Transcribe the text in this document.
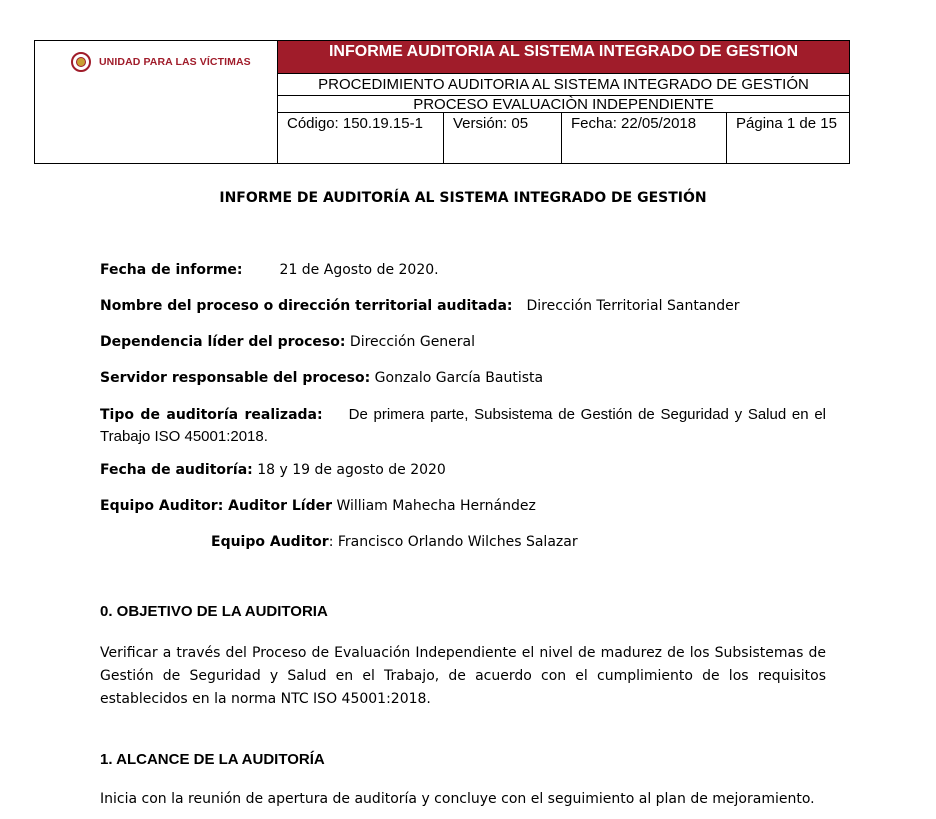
UNIDAD PARA LAS VÍCTIMAS
INFORME AUDITORIA AL SISTEMA INTEGRADO DE GESTION
PROCEDIMIENTO AUDITORIA AL SISTEMA INTEGRADO DE GESTIÓN
PROCESO EVALUACIÒN INDEPENDIENTE
Código: 150.19.15-1	Versión: 05	Fecha: 22/05/2018	Página 1 de 15
INFORME DE AUDITORÍA AL SISTEMA INTEGRADO DE GESTIÓN
Fecha de informe:	21 de Agosto de 2020.
Nombre del proceso o dirección territorial auditada: Dirección Territorial Santander
Dependencia líder del proceso: Dirección General
Servidor responsable del proceso: Gonzalo García Bautista
Tipo de auditoría realizada: De primera parte, Subsistema de Gestión de Seguridad y Salud en el Trabajo ISO 45001:2018.
Fecha de auditoría: 18 y 19 de agosto de 2020
Equipo Auditor: Auditor Líder William Mahecha Hernández
Equipo Auditor: Francisco Orlando Wilches Salazar
0. OBJETIVO DE LA AUDITORIA
Verificar a través del Proceso de Evaluación Independiente el nivel de madurez de los Subsistemas de Gestión de Seguridad y Salud en el Trabajo, de acuerdo con el cumplimiento de los requisitos establecidos en la norma NTC ISO 45001:2018.
1. ALCANCE DE LA AUDITORÍA
Inicia con la reunión de apertura de auditoría y concluye con el seguimiento al plan de mejoramiento.
